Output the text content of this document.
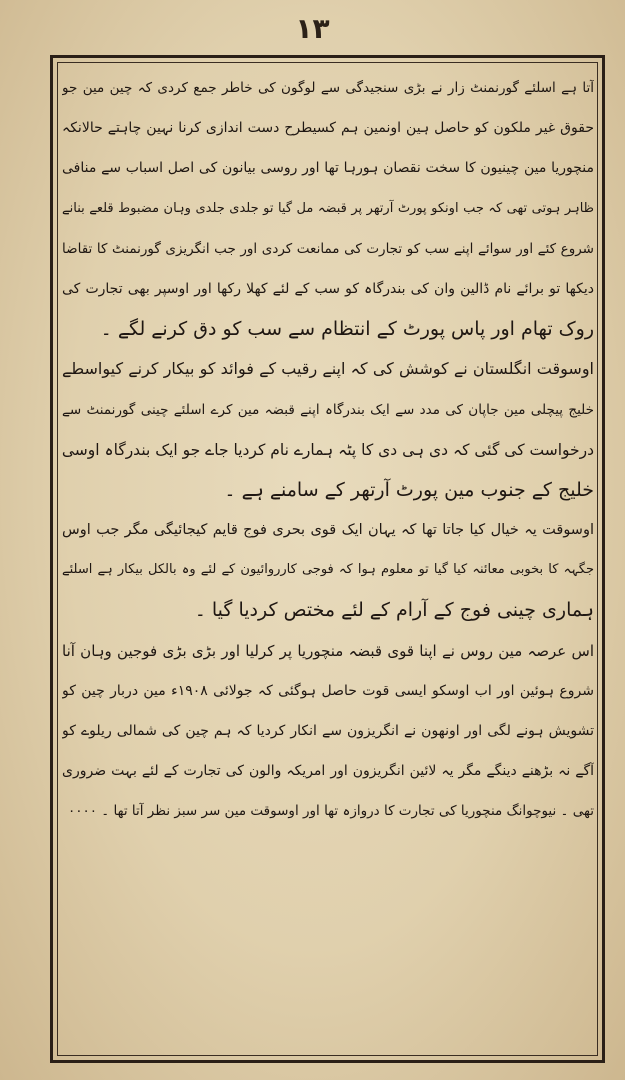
۱۳
آتا ہے اسلئے گورنمنٹ زار نے بڑی سنجیدگی سے لوگون کی خاطر جمع کردی کہ چین مین جو
حقوق غیر ملکون کو حاصل ہین اونمین ہم کسیطرح دست اندازی کرنا نہین چاہتے حالانکہ
منچوریا مین چینیون کا سخت نقصان ہورہا تھا اور روسی بیانون کی اصل اسباب سے منافی
ظاہر ہوتی تھی کہ جب اونکو پورٹ آرتھر پر قبضہ مل گیا تو جلدی جلدی وہان مضبوط قلعے بنانے
شروع کئے اور سوائے اپنے سب کو تجارت کی ممانعت کردی اور جب انگریزی گورنمنٹ کا تقاضا
دیکھا تو برائے نام ڈالین وان کی بندرگاہ کو سب کے لئے کھلا رکھا اور اوسپر بھی تجارت کی
روک تھام اور پاس پورٹ کے انتظام سے سب کو دق کرنے لگے ۔
اوسوقت انگلستان نے کوشش کی کہ اپنے رقیب کے فوائد کو بیکار کرنے کیواسطے
خلیج پیچلی مین جاپان کی مدد سے ایک بندرگاہ اپنے قبضہ مین کرے اسلئے چینی گورنمنٹ سے
درخواست کی گئی کہ دی ہی دی کا پٹہ ہمارے نام کردیا جاے جو ایک بندرگاہ اوسی
خلیج کے جنوب مین پورٹ آرتھر کے سامنے ہے ۔
اوسوقت یہ خیال کیا جاتا تھا کہ یہان ایک قوی بحری فوج قایم کیجائیگی مگر جب اوس
جگہہ کا بخوبی معائنہ کیا گیا تو معلوم ہوا کہ فوجی کارروائیون کے لئے وہ بالکل بیکار ہے اسلئے
ہماری چینی فوج کے آرام کے لئے مختص کردیا گیا ۔
اس عرصہ مین روس نے اپنا قوی قبضہ منچوریا پر کرلیا اور بڑی بڑی فوجین وہان آنا
شروع ہوئین اور اب اوسکو ایسی قوت حاصل ہوگئی کہ جولائی ۱۹۰۸ء مین دربار چین کو
تشویش ہونے لگی اور اونھون نے انگریزون سے انکار کردیا کہ ہم چین کی شمالی ریلوے کو
آگے نہ بڑھنے دینگے مگر یہ لائین انگریزون اور امریکہ والون کی تجارت کے لئے بہت ضروری
تھی ۔ نیوچوانگ منچوریا کی تجارت کا دروازہ تھا اور اوسوقت مین سر سبز نظر آتا تھا ۔ ۰۰۰۰
